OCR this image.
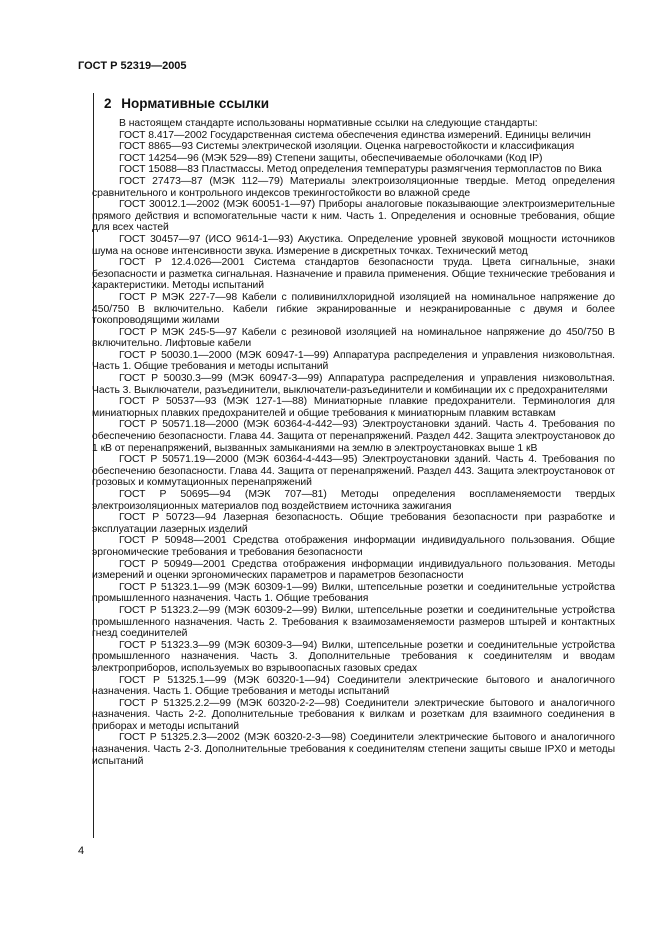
ГОСТ Р 52319—2005
2 Нормативные ссылки

В настоящем стандарте использованы нормативные ссылки на следующие стандарты:

ГОСТ 8.417—2002 Государственная система обеспечения единства измерений. Единицы величин

ГОСТ 8865—93 Системы электрической изоляции. Оценка нагревостойкости и классификация

ГОСТ 14254—96 (МЭК 529—89) Степени защиты, обеспечиваемые оболочками (Код IP)

ГОСТ 15088—83 Пластмассы. Метод определения температуры размягчения термопластов по Вика

ГОСТ 27473—87 (МЭК 112—79) Материалы электроизоляционные твердые. Метод определения сравнительного и контрольного индексов трекингостойкости во влажной среде

ГОСТ 30012.1—2002 (МЭК 60051-1—97) Приборы аналоговые показывающие электроизмерительные прямого действия и вспомогательные части к ним. Часть 1. Определения и основные требования, общие для всех частей

ГОСТ 30457—97 (ИСО 9614-1—93) Акустика. Определение уровней звуковой мощности источников шума на основе интенсивности звука. Измерение в дискретных точках. Технический метод

ГОСТ Р 12.4.026—2001 Система стандартов безопасности труда. Цвета сигнальные, знаки безопасности и разметка сигнальная. Назначение и правила применения. Общие технические требования и характеристики. Методы испытаний

ГОСТ Р МЭК 227-7—98 Кабели с поливинилхлоридной изоляцией на номинальное напряжение до 450/750 В включительно. Кабели гибкие экранированные и неэкранированные с двумя и более токопроводящими жилами

ГОСТ Р МЭК 245-5—97 Кабели с резиновой изоляцией на номинальное напряжение до 450/750 В включительно. Лифтовые кабели

ГОСТ Р 50030.1—2000 (МЭК 60947-1—99) Аппаратура распределения и управления низковольтная. Часть 1. Общие требования и методы испытаний

ГОСТ Р 50030.3—99 (МЭК 60947-3—99) Аппаратура распределения и управления низковольтная. Часть 3. Выключатели, разъединители, выключатели-разъединители и комбинации их с предохранителями

ГОСТ Р 50537—93 (МЭК 127-1—88) Миниатюрные плавкие предохранители. Терминология для миниатюрных плавких предохранителей и общие требования к миниатюрным плавким вставкам

ГОСТ Р 50571.18—2000 (МЭК 60364-4-442—93) Электроустановки зданий. Часть 4. Требования по обеспечению безопасности. Глава 44. Защита от перенапряжений. Раздел 442. Защита электроустановок до 1 кВ от перенапряжений, вызванных замыканиями на землю в электроустановках выше 1 кВ

ГОСТ Р 50571.19—2000 (МЭК 60364-4-443—95) Электроустановки зданий. Часть 4. Требования по обеспечению безопасности. Глава 44. Защита от перенапряжений. Раздел 443. Защита электроустановок от грозовых и коммутационных перенапряжений

ГОСТ Р 50695—94 (МЭК 707—81) Методы определения воспламеняемости твердых электроизоляционных материалов под воздействием источника зажигания

ГОСТ Р 50723—94 Лазерная безопасность. Общие требования безопасности при разработке и эксплуатации лазерных изделий

ГОСТ Р 50948—2001 Средства отображения информации индивидуального пользования. Общие эргономические требования и требования безопасности

ГОСТ Р 50949—2001 Средства отображения информации индивидуального пользования. Методы измерений и оценки эргономических параметров и параметров безопасности

ГОСТ Р 51323.1—99 (МЭК 60309-1—99) Вилки, штепсельные розетки и соединительные устройства промышленного назначения. Часть 1. Общие требования

ГОСТ Р 51323.2—99 (МЭК 60309-2—99) Вилки, штепсельные розетки и соединительные устройства промышленного назначения. Часть 2. Требования к взаимозаменяемости размеров штырей и контактных гнезд соединителей

ГОСТ Р 51323.3—99 (МЭК 60309-3—94) Вилки, штепсельные розетки и соединительные устройства промышленного назначения. Часть 3. Дополнительные требования к соединителям и вводам электроприборов, используемых во взрывоопасных газовых средах

ГОСТ Р 51325.1—99 (МЭК 60320-1—94) Соединители электрические бытового и аналогичного назначения. Часть 1. Общие требования и методы испытаний

ГОСТ Р 51325.2.2—99 (МЭК 60320-2-2—98) Соединители электрические бытового и аналогичного назначения. Часть 2-2. Дополнительные требования к вилкам и розеткам для взаимного соединения в приборах и методы испытаний

ГОСТ Р 51325.2.3—2002 (МЭК 60320-2-3—98) Соединители электрические бытового и аналогичного назначения. Часть 2-3. Дополнительные требования к соединителям степени защиты свыше IPX0 и методы испытаний

4
